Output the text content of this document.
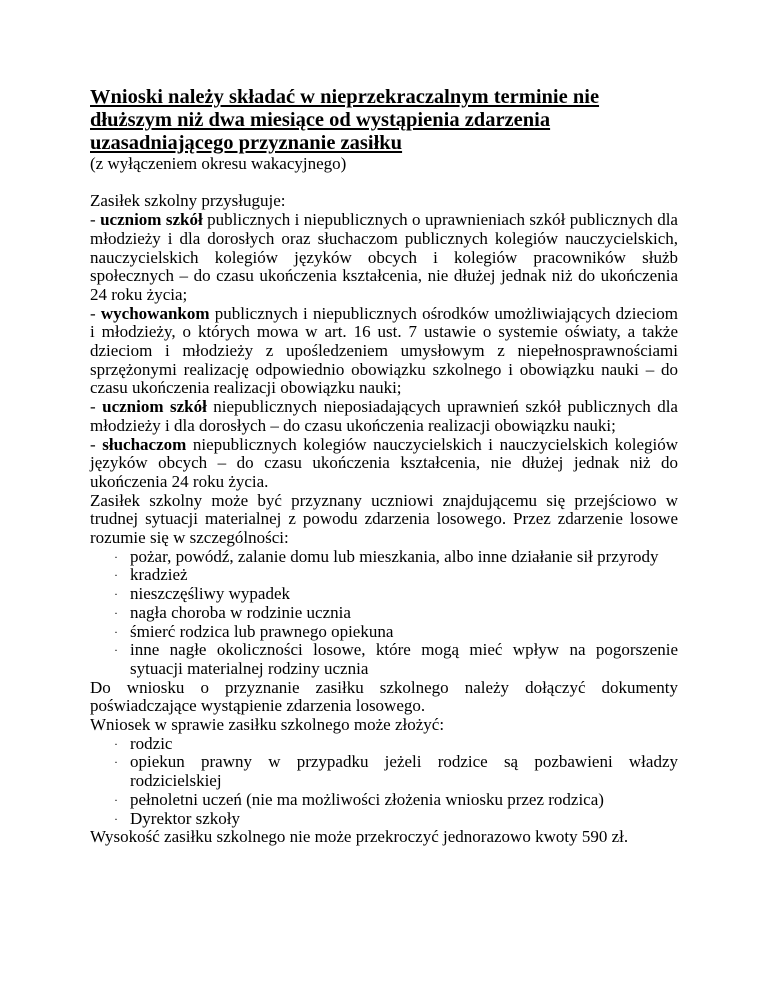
Wnioski należy składać w nieprzekraczalnym terminie nie dłuższym niż dwa miesiące od wystąpienia zdarzenia uzasadniającego przyznanie zasiłku

(z wyłączeniem okresu wakacyjnego)

Zasiłek szkolny przysługuje:

- uczniom szkół publicznych i niepublicznych o uprawnieniach szkół publicznych dla młodzieży i dla dorosłych oraz słuchaczom publicznych kolegiów nauczycielskich, nauczycielskich kolegiów języków obcych i kolegiów pracowników służb społecznych – do czasu ukończenia kształcenia, nie dłużej jednak niż do ukończenia 24 roku życia;

- wychowankom publicznych i niepublicznych ośrodków umożliwiających dzieciom i młodzieży, o których mowa w art. 16 ust. 7 ustawie o systemie oświaty, a także dzieciom i młodzieży z upośledzeniem umysłowym z niepełnosprawnościami sprzężonymi realizację odpowiednio obowiązku szkolnego i obowiązku nauki – do czasu ukończenia realizacji obowiązku nauki;

- uczniom szkół niepublicznych nieposiadających uprawnień szkół publicznych dla młodzieży i dla dorosłych – do czasu ukończenia realizacji obowiązku nauki;

- słuchaczom niepublicznych kolegiów nauczycielskich i nauczycielskich kolegiów języków obcych – do czasu ukończenia kształcenia, nie dłużej jednak niż do ukończenia 24 roku życia.

Zasiłek szkolny może być przyznany uczniowi znajdującemu się przejściowo w trudnej sytuacji materialnej z powodu zdarzenia losowego. Przez zdarzenie losowe rozumie się w szczególności:

· pożar, powódź, zalanie domu lub mieszkania, albo inne działanie sił przyrody
· kradzież
· nieszczęśliwy wypadek
· nagła choroba w rodzinie ucznia
· śmierć rodzica lub prawnego opiekuna
· inne nagłe okoliczności losowe, które mogą mieć wpływ na pogorszenie sytuacji materialnej rodziny ucznia

Do wniosku o przyznanie zasiłku szkolnego należy dołączyć dokumenty poświadczające wystąpienie zdarzenia losowego.

Wniosek w sprawie zasiłku szkolnego może złożyć:

· rodzic
· opiekun prawny w przypadku jeżeli rodzice są pozbawieni władzy rodzicielskiej
· pełnoletni uczeń (nie ma możliwości złożenia wniosku przez rodzica)
· Dyrektor szkoły

Wysokość zasiłku szkolnego nie może przekroczyć jednorazowo kwoty 590 zł.
